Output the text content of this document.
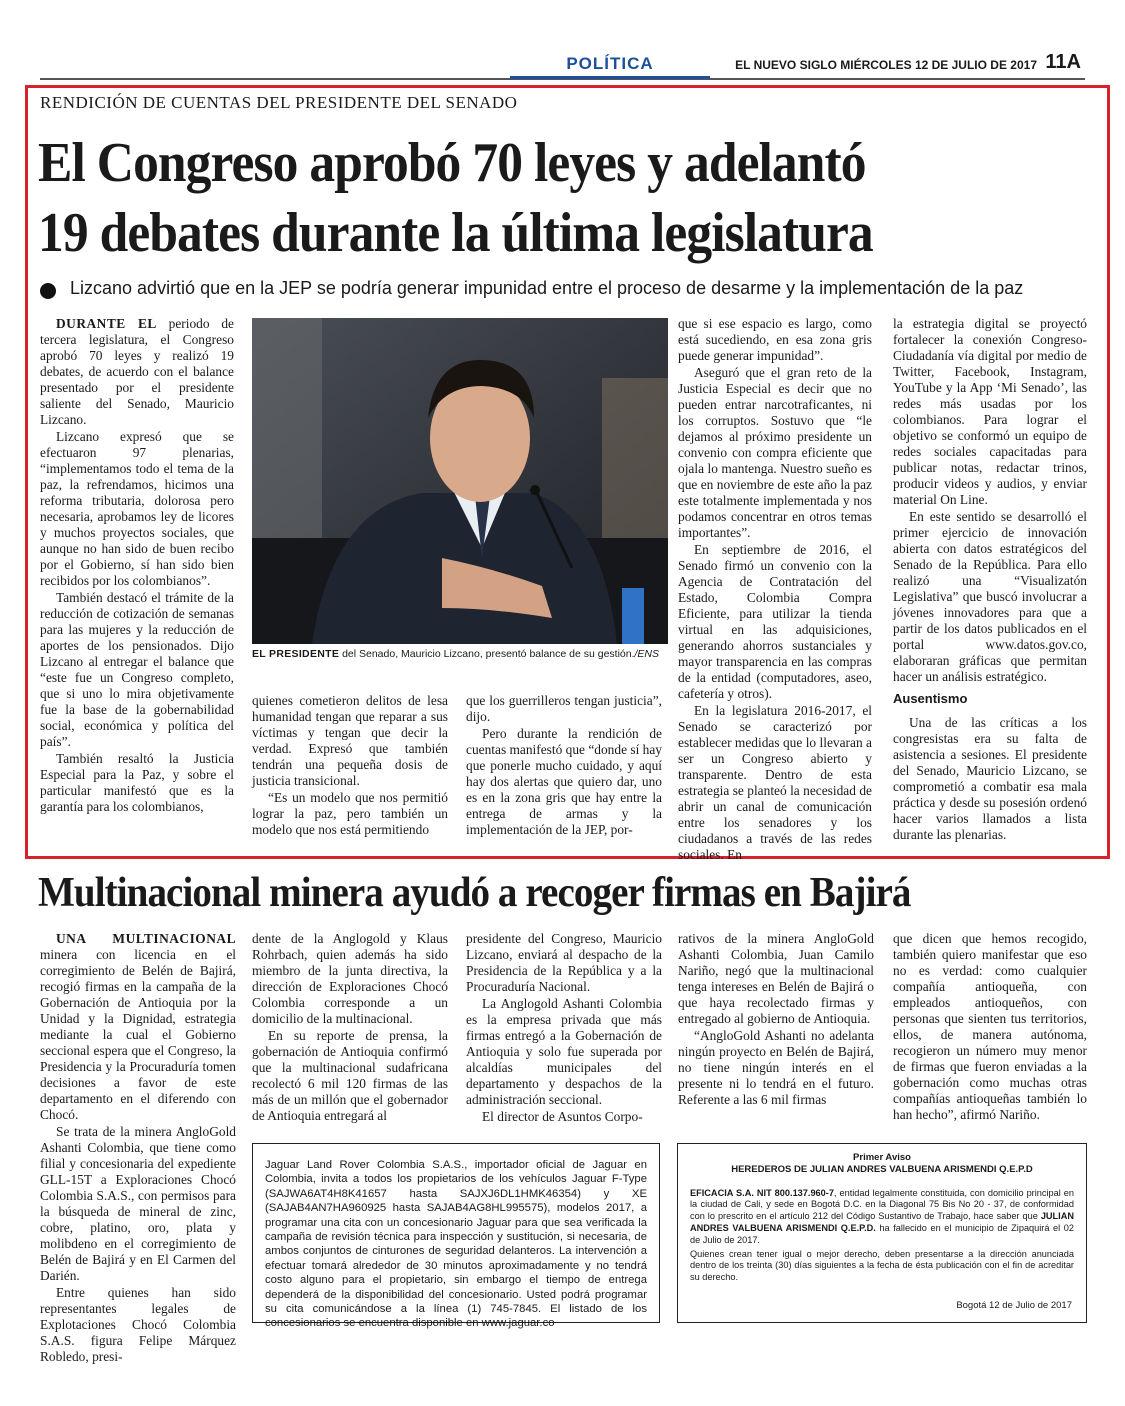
POLÍTICA	EL NUEVO SIGLO MIÉRCOLES 12 DE JULIO DE 2017 11A
RENDICIÓN DE CUENTAS DEL PRESIDENTE DEL SENADO
El Congreso aprobó 70 leyes y adelantó
19 debates durante la última legislatura
Lizcano advirtió que en la JEP se podría generar impunidad entre el proceso de desarme y la implementación de la paz

DURANTE EL periodo de tercera legislatura, el Congreso aprobó 70 leyes y realizó 19 debates, de acuerdo con el balance presentado por el presidente saliente del Senado, Mauricio Lizcano.

Lizcano expresó que se efectuaron 97 plenarias, “implementamos todo el tema de la paz, la refrendamos, hicimos una reforma tributaria, dolorosa pero necesaria, aprobamos ley de licores y muchos proyectos sociales, que aunque no han sido de buen recibo por el Gobierno, sí han sido bien recibidos por los colombianos”.

También destacó el trámite de la reducción de cotización de semanas para las mujeres y la reducción de aportes de los pensionados. Dijo Lizcano al entregar el balance que “este fue un Congreso completo, que si uno lo mira objetivamente fue la base de la gobernabilidad social, económica y política del país”.

También resaltó la Justicia Especial para la Paz, y sobre el particular manifestó que es la garantía para los colombianos,

EL PRESIDENTE del Senado, Mauricio Lizcano, presentó balance de su gestión./ENS

quienes cometieron delitos de lesa humanidad tengan que reparar a sus víctimas y tengan que decir la verdad. Expresó que también tendrán una pequeña dosis de justicia transicional.

“Es un modelo que nos permitió lograr la paz, pero también un modelo que nos está permitiendo

que los guerrilleros tengan justicia”, dijo.

Pero durante la rendición de cuentas manifestó que “donde sí hay que ponerle mucho cuidado, y aquí hay dos alertas que quiero dar, uno es en la zona gris que hay entre la entrega de armas y la implementación de la JEP, por-

que si ese espacio es largo, como está sucediendo, en esa zona gris puede generar impunidad”.

Aseguró que el gran reto de la Justicia Especial es decir que no pueden entrar narcotraficantes, ni los corruptos. Sostuvo que “le dejamos al próximo presidente un convenio con compra eficiente que ojala lo mantenga. Nuestro sueño es que en noviembre de este año la paz este totalmente implementada y nos podamos concentrar en otros temas importantes”.

En septiembre de 2016, el Senado firmó un convenio con la Agencia de Contratación del Estado, Colombia Compra Eficiente, para utilizar la tienda virtual en las adquisiciones, generando ahorros sustanciales y mayor transparencia en las compras de la entidad (computadores, aseo, cafetería y otros).

En la legislatura 2016-2017, el Senado se caracterizó por establecer medidas que lo llevaran a ser un Congreso abierto y transparente. Dentro de esta estrategia se planteó la necesidad de abrir un canal de comunicación entre los senadores y los ciudadanos a través de las redes sociales. En

la estrategia digital se proyectó fortalecer la conexión Congreso-Ciudadanía vía digital por medio de Twitter, Facebook, Instagram, YouTube y la App ‘Mi Senado’, las redes más usadas por los colombianos. Para lograr el objetivo se conformó un equipo de redes sociales capacitadas para publicar notas, redactar trinos, producir videos y audios, y enviar material On Line.

En este sentido se desarrolló el primer ejercicio de innovación abierta con datos estratégicos del Senado de la República. Para ello realizó una “Visualizatón Legislativa” que buscó involucrar a jóvenes innovadores para que a partir de los datos publicados en el portal www.datos.gov.co, elaboraran gráficas que permitan hacer un análisis estratégico.

Ausentismo

Una de las críticas a los congresistas era su falta de asistencia a sesiones. El presidente del Senado, Mauricio Lizcano, se comprometió a combatir esa mala práctica y desde su posesión ordenó hacer varios llamados a lista durante las plenarias.

Multinacional minera ayudó a recoger firmas en Bajirá

UNA MULTINACIONAL minera con licencia en el corregimiento de Belén de Bajirá, recogió firmas en la campaña de la Gobernación de Antioquia por la Unidad y la Dignidad, estrategia mediante la cual el Gobierno seccional espera que el Congreso, la Presidencia y la Procuraduría tomen decisiones a favor de este departamento en el diferendo con Chocó.

Se trata de la minera AngloGold Ashanti Colombia, que tiene como filial y concesionaria del expediente GLL-15T a Exploraciones Chocó Colombia S.A.S., con permisos para la búsqueda de mineral de zinc, cobre, platino, oro, plata y molibdeno en el corregimiento de Belén de Bajirá y en El Carmen del Darién.

Entre quienes han sido representantes legales de Explotaciones Chocó Colombia S.A.S. figura Felipe Márquez Robledo, presi-

dente de la Anglogold y Klaus Rohrbach, quien además ha sido miembro de la junta directiva, la dirección de Exploraciones Chocó Colombia corresponde a un domicilio de la multinacional.

En su reporte de prensa, la gobernación de Antioquia confirmó que la multinacional sudafricana recolectó 6 mil 120 firmas de las más de un millón que el gobernador de Antioquia entregará al

presidente del Congreso, Mauricio Lizcano, enviará al despacho de la Presidencia de la República y a la Procuraduría Nacional.

La Anglogold Ashanti Colombia es la empresa privada que más firmas entregó a la Gobernación de Antioquia y solo fue superada por alcaldías municipales del departamento y despachos de la administración seccional.

El director de Asuntos Corpo-

rativos de la minera AngloGold Ashanti Colombia, Juan Camilo Nariño, negó que la multinacional tenga intereses en Belén de Bajirá o que haya recolectado firmas y entregado al gobierno de Antioquia.

“AngloGold Ashanti no adelanta ningún proyecto en Belén de Bajirá, no tiene ningún interés en el presente ni lo tendrá en el futuro. Referente a las 6 mil firmas

que dicen que hemos recogido, también quiero manifestar que eso no es verdad: como cualquier compañía antioqueña, con empleados antioqueños, con personas que sienten tus territorios, ellos, de manera autónoma, recogieron un número muy menor de firmas que fueron enviadas a la gobernación como muchas otras compañías antioqueñas también lo han hecho”, afirmó Nariño.

Jaguar Land Rover Colombia S.A.S., importador oficial de Jaguar en Colombia, invita a todos los propietarios de los vehículos Jaguar F-Type (SAJWA6AT4H8K41657 hasta SAJXJ6DL1HMK46354) y XE (SAJAB4AN7HA960925 hasta SAJAB4AG8HL995575), modelos 2017, a programar una cita con un concesionario Jaguar para que sea verificada la campaña de revisión técnica para inspección y sustitución, si necesaria, de ambos conjuntos de cinturones de seguridad delanteros. La intervención a efectuar tomará alrededor de 30 minutos aproximadamente y no tendrá costo alguno para el propietario, sin embargo el tiempo de entrega dependerá de la disponibilidad del concesionario. Usted podrá programar su cita comunicándose a la línea (1) 745-7845. El listado de los concesionarios se encuentra disponible en www.jaguar.co
Primer Aviso
HEREDEROS DE JULIAN ANDRES VALBUENA ARISMENDI Q.E.P.D
EFICACIA S.A. NIT 800.137.960-7, entidad legalmente constituida, con domicilio principal en la ciudad de Cali, y sede en Bogotá D.C. en la Diagonal 75 Bis No 20 - 37, de conformidad con lo prescrito en el artículo 212 del Código Sustantivo de Trabajo, hace saber que JULIAN ANDRES VALBUENA ARISMENDI Q.E.P.D. ha fallecido en el municipio de Zipaquirá el 02 de Julio de 2017.
Quienes crean tener igual o mejor derecho, deben presentarse a la dirección anunciada dentro de los treinta (30) días siguientes a la fecha de ésta publicación con el fin de acreditar su derecho.
Bogotá 12 de Julio de 2017
